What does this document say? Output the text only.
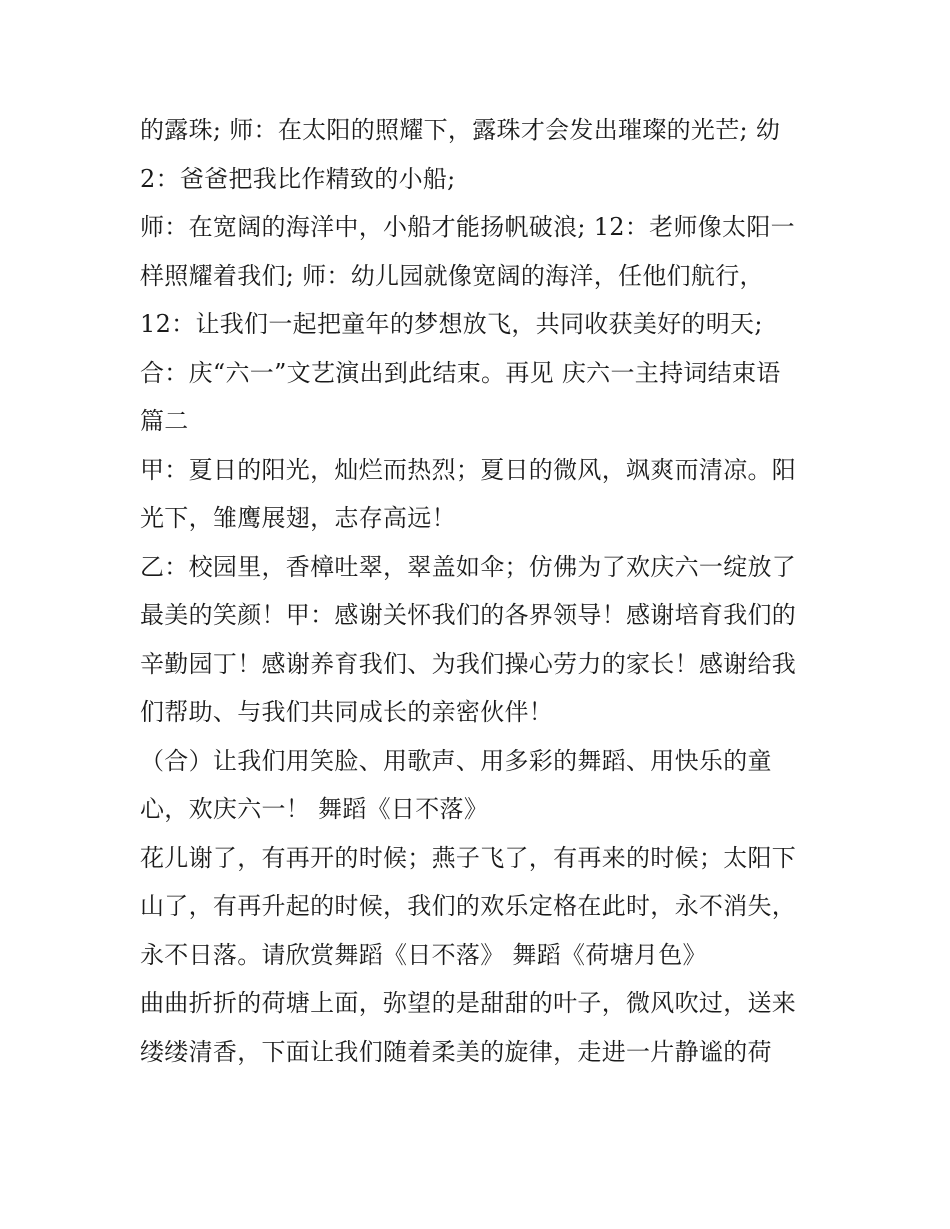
的露珠; 师：在太阳的照耀下，露珠才会发出璀璨的光芒; 幼
2：爸爸把我比作精致的小船;
师：在宽阔的海洋中，小船才能扬帆破浪; 12：老师像太阳一
样照耀着我们; 师：幼儿园就像宽阔的海洋，任他们航行，
12：让我们一起把童年的梦想放飞，共同收获美好的明天;
合：庆“六一”文艺演出到此结束。再见 庆六一主持词结束语
篇二
甲：夏日的阳光，灿烂而热烈；夏日的微风，飒爽而清凉。阳
光下，雏鹰展翅，志存高远！
乙：校园里，香樟吐翠，翠盖如伞；仿佛为了欢庆六一绽放了
最美的笑颜！甲：感谢关怀我们的各界领导！感谢培育我们的
辛勤园丁！感谢养育我们、为我们操心劳力的家长！感谢给我
们帮助、与我们共同成长的亲密伙伴！
（合）让我们用笑脸、用歌声、用多彩的舞蹈、用快乐的童
心，欢庆六一！ 舞蹈《日不落》
花儿谢了，有再开的时候；燕子飞了，有再来的时候；太阳下
山了，有再升起的时候，我们的欢乐定格在此时，永不消失，
永不日落。请欣赏舞蹈《日不落》 舞蹈《荷塘月色》
曲曲折折的荷塘上面，弥望的是甜甜的叶子，微风吹过，送来
缕缕清香，下面让我们随着柔美的旋律，走进一片静谧的荷
